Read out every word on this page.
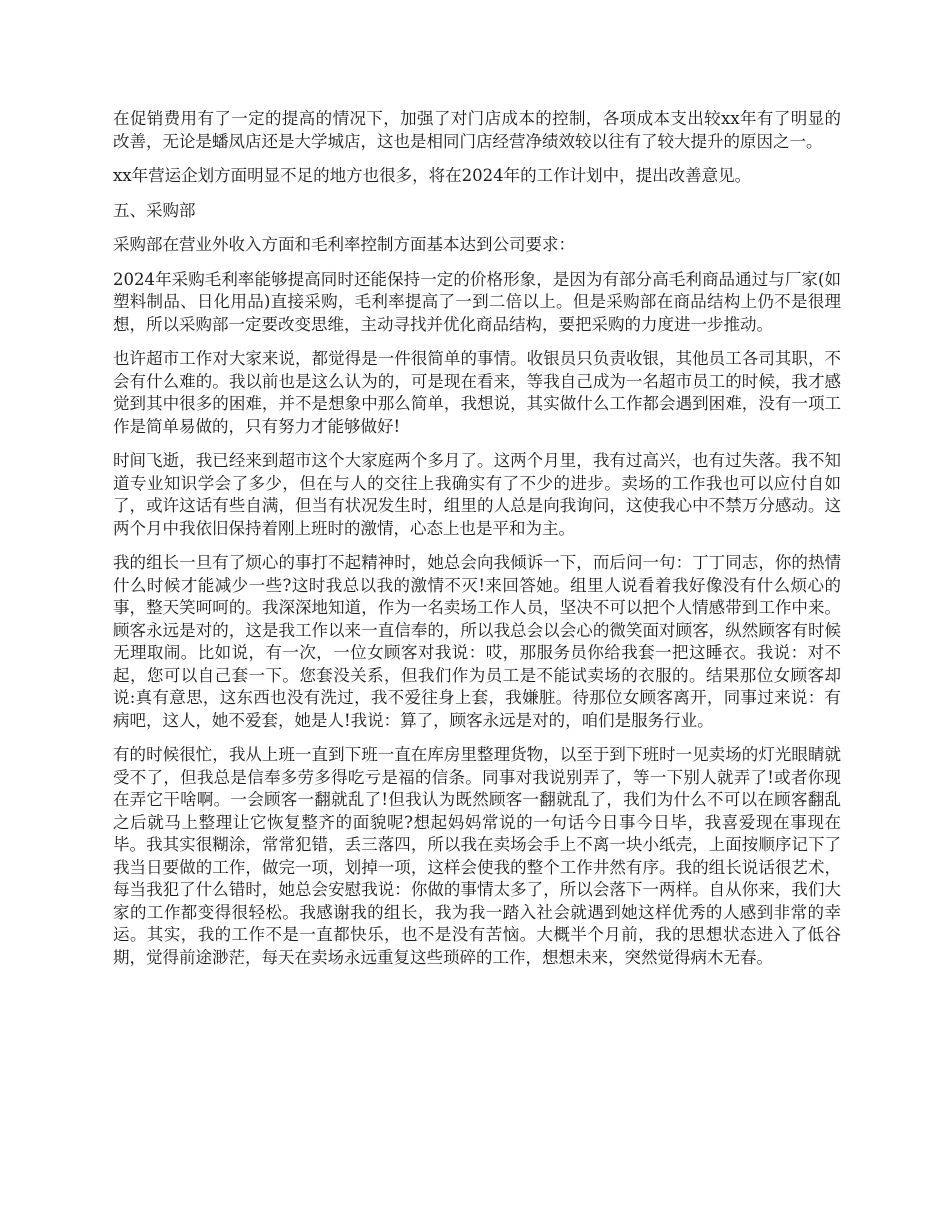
在促销费用有了一定的提高的情况下，加强了对门店成本的控制，各项成本支出较xx年有了明显的改善，无论是蟠凤店还是大学城店，这也是相同门店经营净绩效较以往有了较大提升的原因之一。

xx年营运企划方面明显不足的地方也很多，将在2024年的工作计划中，提出改善意见。

五、采购部

采购部在营业外收入方面和毛利率控制方面基本达到公司要求：

2024年采购毛利率能够提高同时还能保持一定的价格形象，是因为有部分高毛利商品通过与厂家(如塑料制品、日化用品)直接采购，毛利率提高了一到二倍以上。但是采购部在商品结构上仍不是很理想，所以采购部一定要改变思维，主动寻找并优化商品结构，要把采购的力度进一步推动。

也许超市工作对大家来说，都觉得是一件很简单的事情。收银员只负责收银，其他员工各司其职，不会有什么难的。我以前也是这么认为的，可是现在看来，等我自己成为一名超市员工的时候，我才感觉到其中很多的困难，并不是想象中那么简单，我想说，其实做什么工作都会遇到困难，没有一项工作是简单易做的，只有努力才能够做好!

时间飞逝，我已经来到超市这个大家庭两个多月了。这两个月里，我有过高兴，也有过失落。我不知道专业知识学会了多少，但在与人的交往上我确实有了不少的进步。卖场的工作我也可以应付自如了，或许这话有些自满，但当有状况发生时，组里的人总是向我询问，这使我心中不禁万分感动。这两个月中我依旧保持着刚上班时的激情，心态上也是平和为主。

我的组长一旦有了烦心的事打不起精神时，她总会向我倾诉一下，而后问一句：丁丁同志，你的热情什么时候才能减少一些?这时我总以我的激情不灭!来回答她。组里人说看着我好像没有什么烦心的事，整天笑呵呵的。我深深地知道，作为一名卖场工作人员，坚决不可以把个人情感带到工作中来。顾客永远是对的，这是我工作以来一直信奉的，所以我总会以会心的微笑面对顾客，纵然顾客有时候无理取闹。比如说，有一次，一位女顾客对我说：哎，那服务员你给我套一把这睡衣。我说：对不起，您可以自己套一下。您套没关系，但我们作为员工是不能试卖场的衣服的。结果那位女顾客却说:真有意思，这东西也没有洗过，我不爱往身上套，我嫌脏。待那位女顾客离开，同事过来说：有病吧，这人，她不爱套，她是人!我说：算了，顾客永远是对的，咱们是服务行业。

有的时候很忙，我从上班一直到下班一直在库房里整理货物，以至于到下班时一见卖场的灯光眼睛就受不了，但我总是信奉多劳多得吃亏是福的信条。同事对我说别弄了，等一下别人就弄了!或者你现在弄它干啥啊。一会顾客一翻就乱了!但我认为既然顾客一翻就乱了，我们为什么不可以在顾客翻乱之后就马上整理让它恢复整齐的面貌呢?想起妈妈常说的一句话今日事今日毕，我喜爱现在事现在毕。我其实很糊涂，常常犯错，丢三落四，所以我在卖场会手上不离一块小纸壳，上面按顺序记下了我当日要做的工作，做完一项，划掉一项，这样会使我的整个工作井然有序。我的组长说话很艺术，每当我犯了什么错时，她总会安慰我说：你做的事情太多了，所以会落下一两样。自从你来，我们大家的工作都变得很轻松。我感谢我的组长，我为我一踏入社会就遇到她这样优秀的人感到非常的幸运。其实，我的工作不是一直都快乐，也不是没有苦恼。大概半个月前，我的思想状态进入了低谷期，觉得前途渺茫，每天在卖场永远重复这些琐碎的工作，想想未来，突然觉得病木无春。
